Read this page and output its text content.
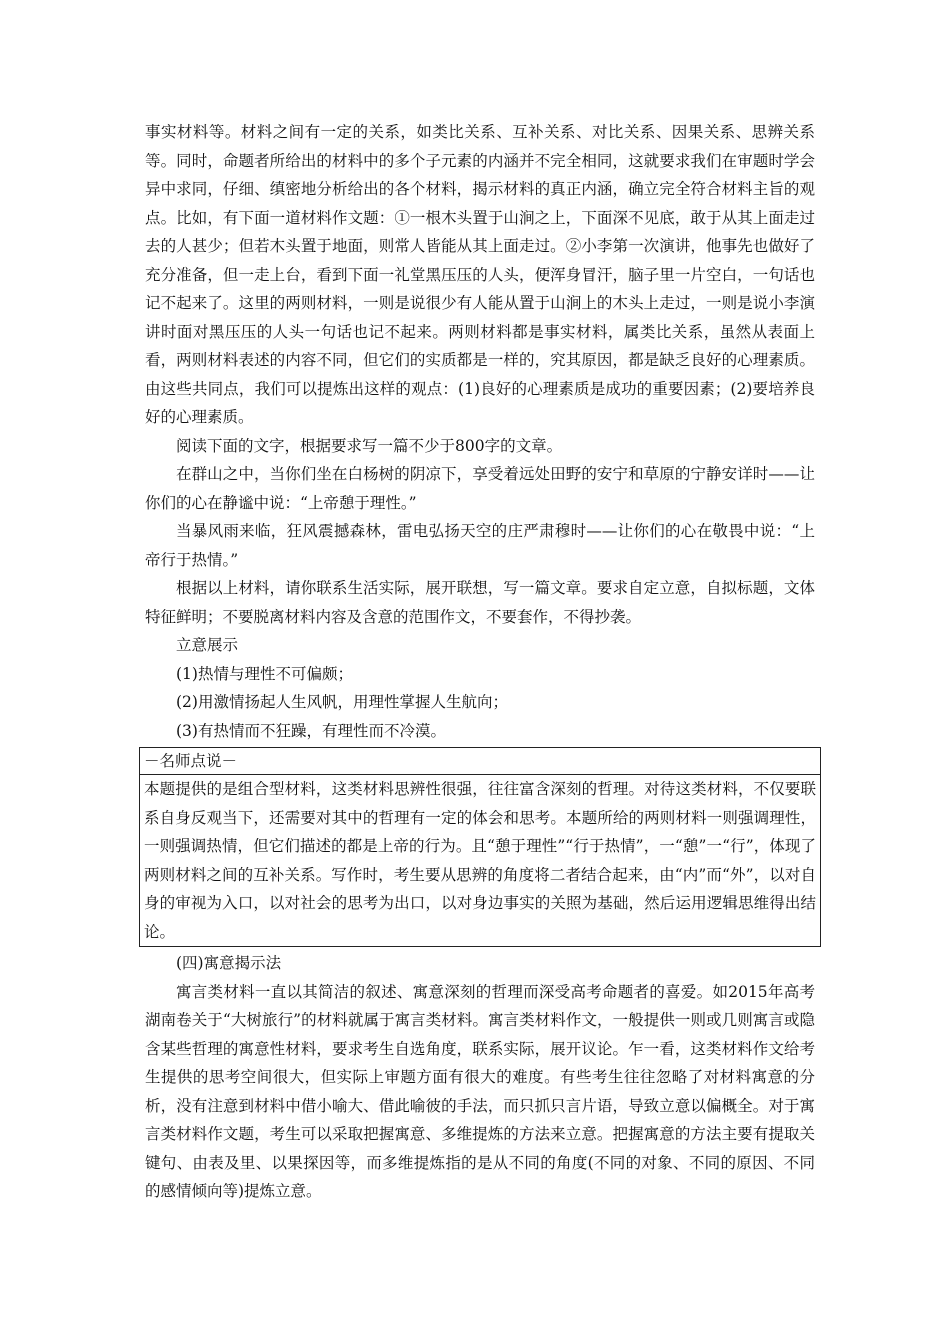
事实材料等。材料之间有一定的关系，如类比关系、互补关系、对比关系、因果关系、思辨关系等。同时，命题者所给出的材料中的多个子元素的内涵并不完全相同，这就要求我们在审题时学会异中求同，仔细、缜密地分析给出的各个材料，揭示材料的真正内涵，确立完全符合材料主旨的观点。比如，有下面一道材料作文题：①一根木头置于山涧之上，下面深不见底，敢于从其上面走过去的人甚少；但若木头置于地面，则常人皆能从其上面走过。②小李第一次演讲，他事先也做好了充分准备，但一走上台，看到下面一礼堂黑压压的人头，便浑身冒汗，脑子里一片空白，一句话也记不起来了。这里的两则材料，一则是说很少有人能从置于山涧上的木头上走过，一则是说小李演讲时面对黑压压的人头一句话也记不起来。两则材料都是事实材料，属类比关系，虽然从表面上看，两则材料表述的内容不同，但它们的实质都是一样的，究其原因，都是缺乏良好的心理素质。由这些共同点，我们可以提炼出这样的观点：(1)良好的心理素质是成功的重要因素；(2)要培养良好的心理素质。

阅读下面的文字，根据要求写一篇不少于800字的文章。

在群山之中，当你们坐在白杨树的阴凉下，享受着远处田野的安宁和草原的宁静安详时——让你们的心在静谧中说：“上帝憩于理性。”

当暴风雨来临，狂风震撼森林，雷电弘扬天空的庄严肃穆时——让你们的心在敬畏中说：“上帝行于热情。”

根据以上材料，请你联系生活实际，展开联想，写一篇文章。要求自定立意，自拟标题，文体特征鲜明；不要脱离材料内容及含意的范围作文，不要套作，不得抄袭。

立意展示

(1)热情与理性不可偏颇；

(2)用激情扬起人生风帆，用理性掌握人生航向；

(3)有热情而不狂躁，有理性而不冷漠。

－名师点说－
本题提供的是组合型材料，这类材料思辨性很强，往往富含深刻的哲理。对待这类材料，不仅要联系自身反观当下，还需要对其中的哲理有一定的体会和思考。本题所给的两则材料一则强调理性，一则强调热情，但它们描述的都是上帝的行为。且“憩于理性”“行于热情”，一“憩”一“行”，体现了两则材料之间的互补关系。写作时，考生要从思辨的角度将二者结合起来，由“内”而“外”，以对自身的审视为入口，以对社会的思考为出口，以对身边事实的关照为基础，然后运用逻辑思维得出结论。

(四)寓意揭示法

寓言类材料一直以其简洁的叙述、寓意深刻的哲理而深受高考命题者的喜爱。如2015年高考湖南卷关于“大树旅行”的材料就属于寓言类材料。寓言类材料作文，一般提供一则或几则寓言或隐含某些哲理的寓意性材料，要求考生自选角度，联系实际，展开议论。乍一看，这类材料作文给考生提供的思考空间很大，但实际上审题方面有很大的难度。有些考生往往忽略了对材料寓意的分析，没有注意到材料中借小喻大、借此喻彼的手法，而只抓只言片语，导致立意以偏概全。对于寓言类材料作文题，考生可以采取把握寓意、多维提炼的方法来立意。把握寓意的方法主要有提取关键句、由表及里、以果探因等，而多维提炼指的是从不同的角度(不同的对象、不同的原因、不同的感情倾向等)提炼立意。
